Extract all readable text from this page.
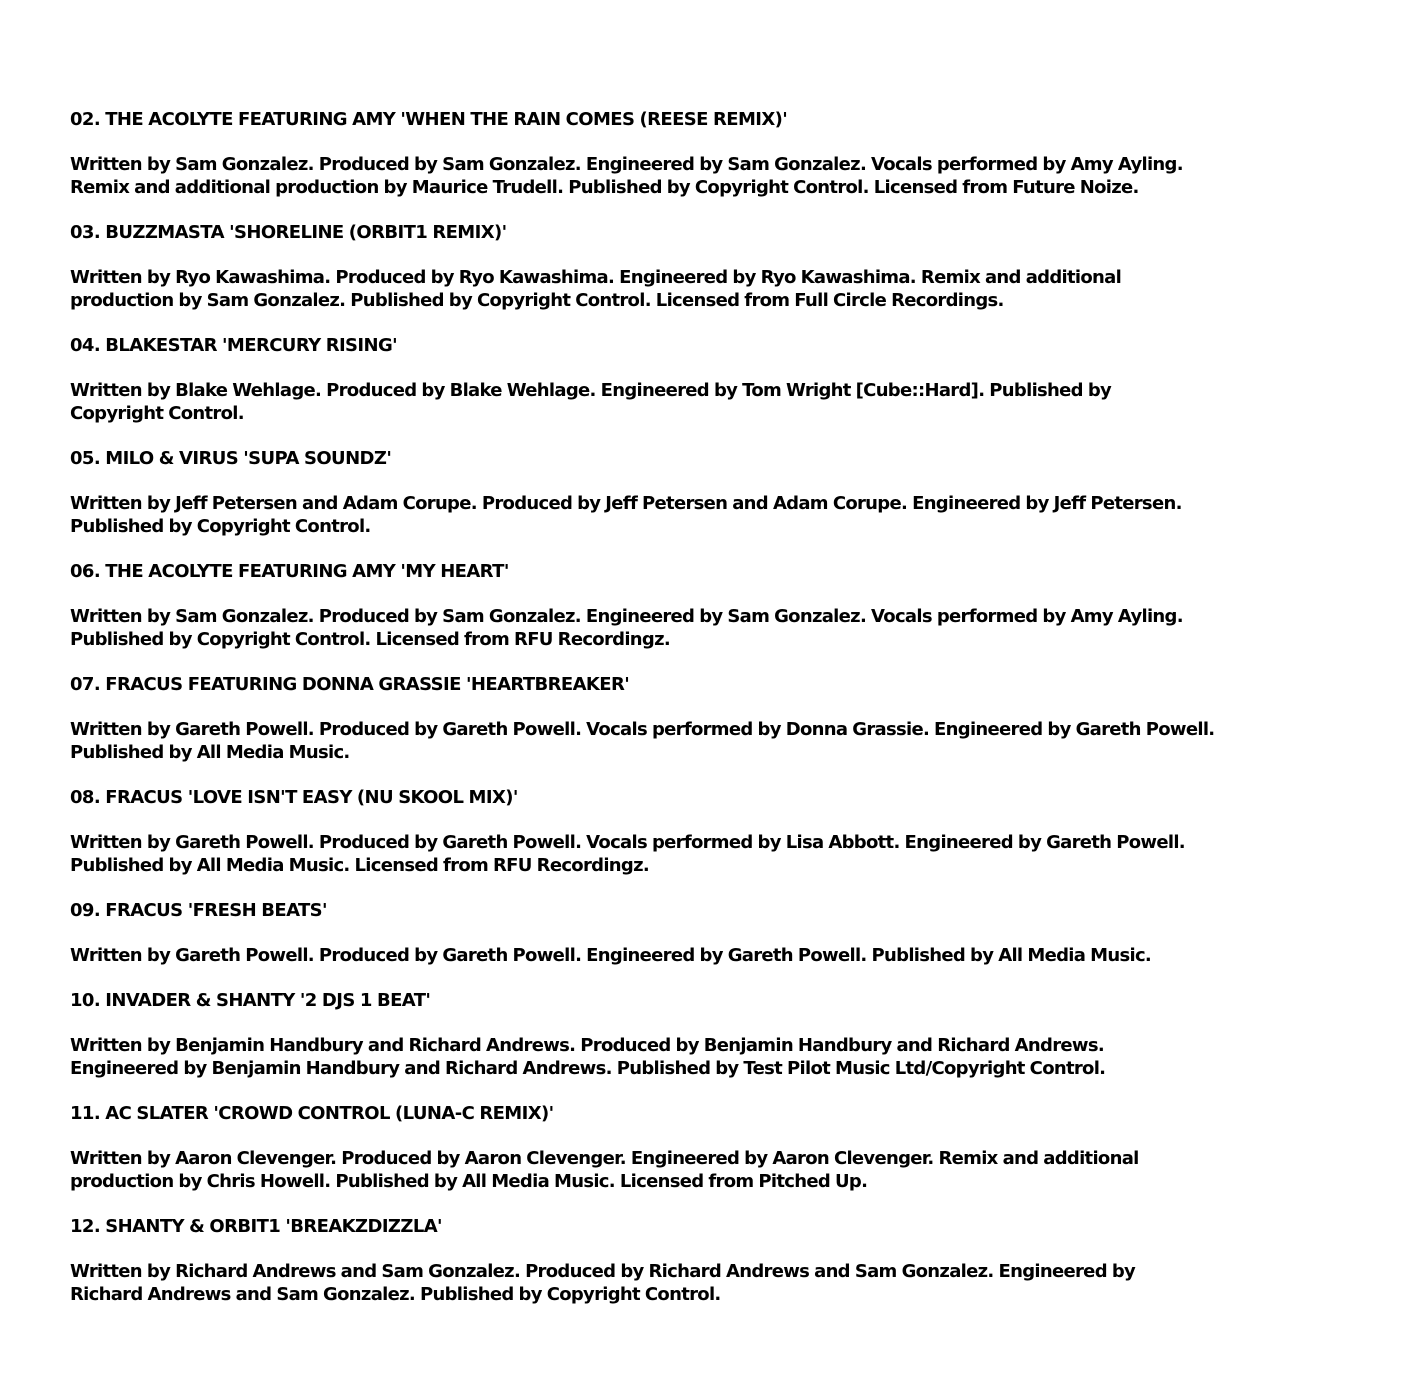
02. THE ACOLYTE FEATURING AMY 'WHEN THE RAIN COMES (REESE REMIX)'
Written by Sam Gonzalez. Produced by Sam Gonzalez. Engineered by Sam Gonzalez. Vocals performed by Amy Ayling.
Remix and additional production by Maurice Trudell. Published by Copyright Control. Licensed from Future Noize.
03. BUZZMASTA 'SHORELINE (ORBIT1 REMIX)'
Written by Ryo Kawashima. Produced by Ryo Kawashima. Engineered by Ryo Kawashima. Remix and additional
production by Sam Gonzalez. Published by Copyright Control. Licensed from Full Circle Recordings.
04. BLAKESTAR 'MERCURY RISING'
Written by Blake Wehlage. Produced by Blake Wehlage. Engineered by Tom Wright [Cube::Hard]. Published by
Copyright Control.
05. MILO & VIRUS 'SUPA SOUNDZ'
Written by Jeff Petersen and Adam Corupe. Produced by Jeff Petersen and Adam Corupe. Engineered by Jeff Petersen.
Published by Copyright Control.
06. THE ACOLYTE FEATURING AMY 'MY HEART'
Written by Sam Gonzalez. Produced by Sam Gonzalez. Engineered by Sam Gonzalez. Vocals performed by Amy Ayling.
Published by Copyright Control. Licensed from RFU Recordingz.
07. FRACUS FEATURING DONNA GRASSIE 'HEARTBREAKER'
Written by Gareth Powell. Produced by Gareth Powell. Vocals performed by Donna Grassie. Engineered by Gareth Powell.
Published by All Media Music.
08. FRACUS 'LOVE ISN'T EASY (NU SKOOL MIX)'
Written by Gareth Powell. Produced by Gareth Powell. Vocals performed by Lisa Abbott. Engineered by Gareth Powell.
Published by All Media Music. Licensed from RFU Recordingz.
09. FRACUS 'FRESH BEATS'
Written by Gareth Powell. Produced by Gareth Powell. Engineered by Gareth Powell. Published by All Media Music.
10. INVADER & SHANTY '2 DJS 1 BEAT'
Written by Benjamin Handbury and Richard Andrews. Produced by Benjamin Handbury and Richard Andrews.
Engineered by Benjamin Handbury and Richard Andrews. Published by Test Pilot Music Ltd/Copyright Control.
11. AC SLATER 'CROWD CONTROL (LUNA-C REMIX)'
Written by Aaron Clevenger. Produced by Aaron Clevenger. Engineered by Aaron Clevenger. Remix and additional
production by Chris Howell. Published by All Media Music. Licensed from Pitched Up.
12. SHANTY & ORBIT1 'BREAKZDIZZLA'
Written by Richard Andrews and Sam Gonzalez. Produced by Richard Andrews and Sam Gonzalez. Engineered by
Richard Andrews and Sam Gonzalez. Published by Copyright Control.
